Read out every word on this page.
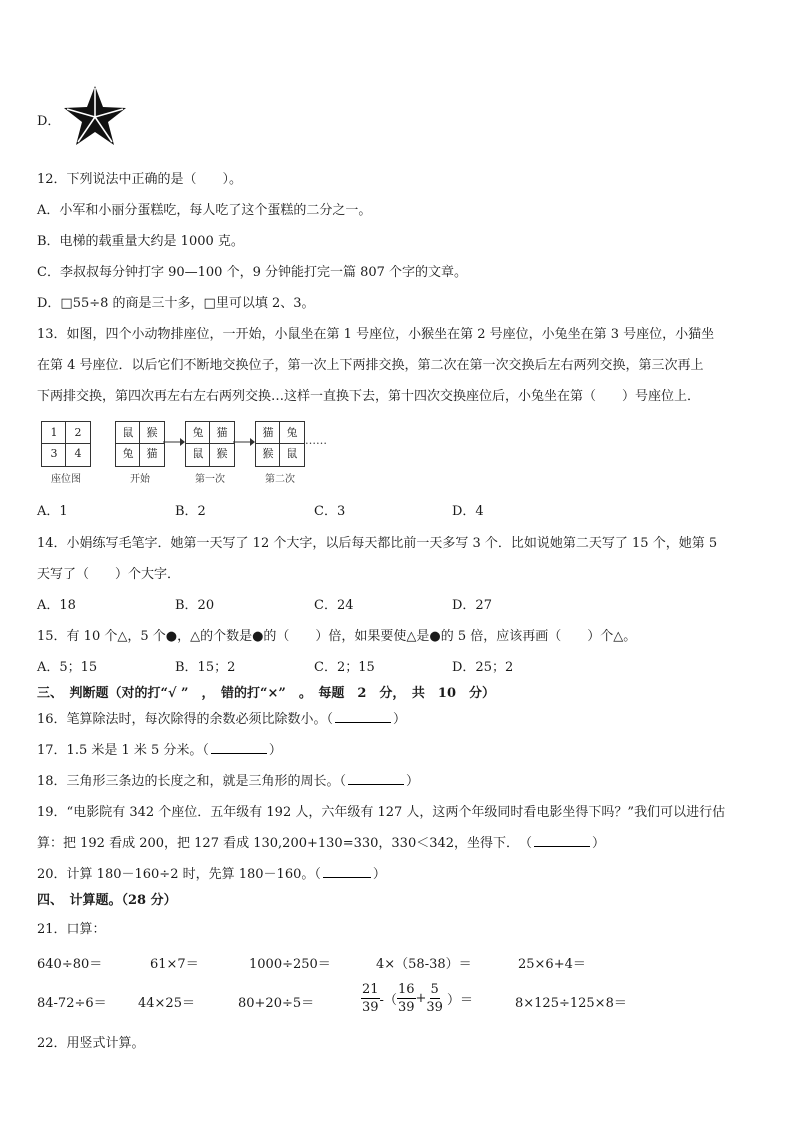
D．
12．下列说法中正确的是（　　）。
A．小军和小丽分蛋糕吃，每人吃了这个蛋糕的二分之一。
B．电梯的载重量大约是 1000 克。
C．李叔叔每分钟打字 90—100 个，9 分钟能打完一篇 807 个字的文章。
D．□55÷8 的商是三十多，□里可以填 2、3。
13．如图，四个小动物排座位，一开始，小鼠坐在第 1 号座位，小猴坐在第 2 号座位，小兔坐在第 3 号座位，小猫坐
在第 4 号座位．以后它们不断地交换位子，第一次上下两排交换，第二次在第一次交换后左右两列交换，第三次再上
下两排交换，第四次再左右左右两列交换…这样一直换下去，第十四次交换座位后，小兔坐在第（　　）号座位上．
1	2
3	4
座位图
鼠	猴
兔	猫
开始
兔	猫
鼠	猴
第一次
猫	兔
猴	鼠
第二次
……
A．1	B．2	C．3	D．4
14．小娟练写毛笔字．她第一天写了 12 个大字，以后每天都比前一天多写 3 个．比如说她第二天写了 15 个，她第 5
天写了（　　）个大字．
A．18	B．20	C．24	D．27
15．有 10 个△，5 个●，△的个数是●的（　　）倍，如果要使△是●的 5 倍，应该再画（　　）个△。
A．5；15	B．15；2	C．2；15	D．25；2
三、　判断题（对的打“√ ”　，　错的打“×”　。　每题　2　分，　共　10　分）
16．笔算除法时，每次除得的余数必须比除数小。（	）
17．1.5 米是 1 米 5 分米。（	）
18．三角形三条边的长度之和，就是三角形的周长。（	）
19．“电影院有 342 个座位．五年级有 192 人，六年级有 127 人，这两个年级同时看电影坐得下吗？”我们可以进行估
算：把 192 看成 200，把 127 看成 130,200+130=330，330＜342，坐得下．　（	）
20．计算 180－160÷2 时，先算 180－160。（	）
四、　计算题。（28 分）
21．口算：
640÷80＝	61×7＝	1000÷250＝	4×（58-38）＝	25×6+4＝
84-72÷6＝ 44×25＝	80+20÷5＝	$\frac{21}{39}$ -（ $\frac{16}{39} + \frac{5}{39}$ ）＝	8×125÷125×8＝
22．用竖式计算。
